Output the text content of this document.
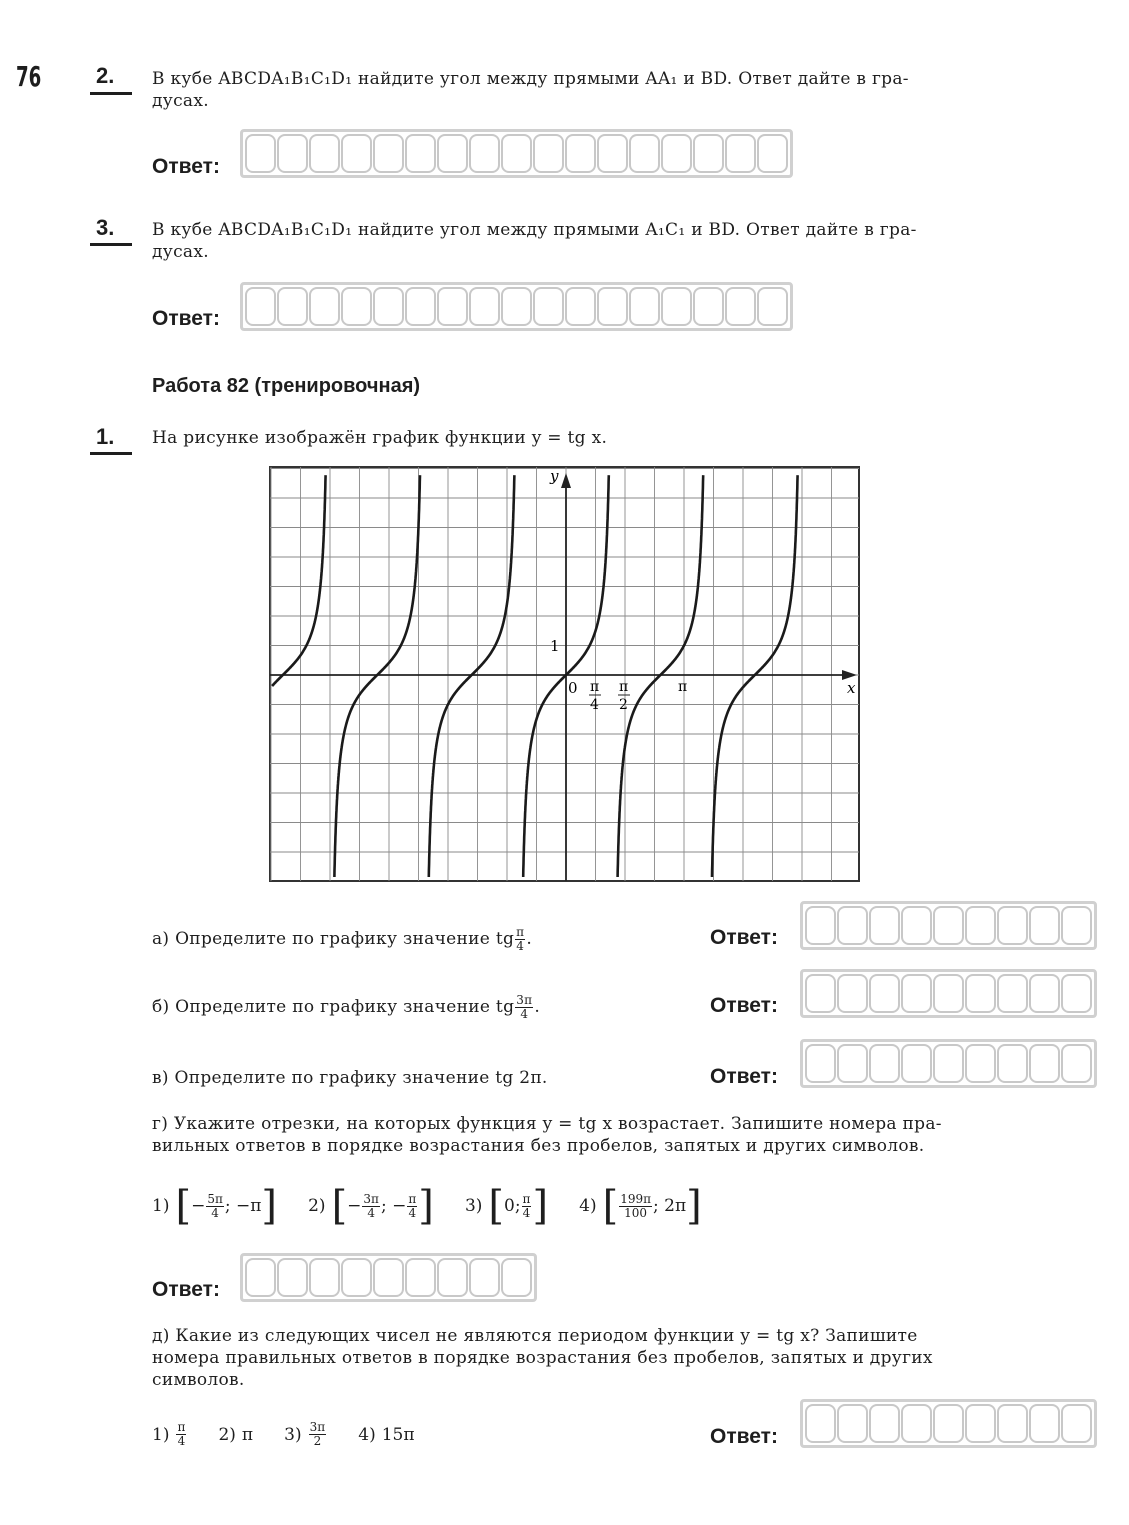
76 2. В кубе ABCDA₁B₁C₁D₁ найдите угол между прямыми AA₁ и BD. Ответ дайте в гра-
дусах.
Ответ:
3. В кубе ABCDA₁B₁C₁D₁ найдите угол между прямыми A₁C₁ и BD. Ответ дайте в гра-
дусах.
Ответ:
Работа 82 (тренировочная)
1. На рисунке изображён график функции y = tg x.
y
x
1
0 π
4
π
2
π
а) Определите по графику значение tg $\frac{\pi}{4}$ .	Ответ:
б) Определите по графику значение tg $\frac{3\pi}{4}$ .	Ответ:
в) Определите по графику значение tg 2π.	Ответ:
г) Укажите отрезки, на которых функция y = tg x возрастает. Запишите номера пра-
вильных ответов в порядке возрастания без пробелов, запятых и других символов.
1) [ − $\frac{5\pi}{4}$ ; −π ]
2) [ − $\frac{3\pi}{4}$ ; − $\frac{\pi}{4}$ ]
3) [ 0; $\frac{\pi}{4}$ ]
4) [ $\frac{199\pi}{100}$ ; 2π ]
Ответ:
д) Какие из следующих чисел не являются периодом функции y = tg x? Запишите
номера правильных ответов в порядке возрастания без пробелов, запятых и других
символов.
$1) \frac{\pi}{4}$
2) π
$3) \frac{3\pi}{2}$
4) 15π	Ответ:
